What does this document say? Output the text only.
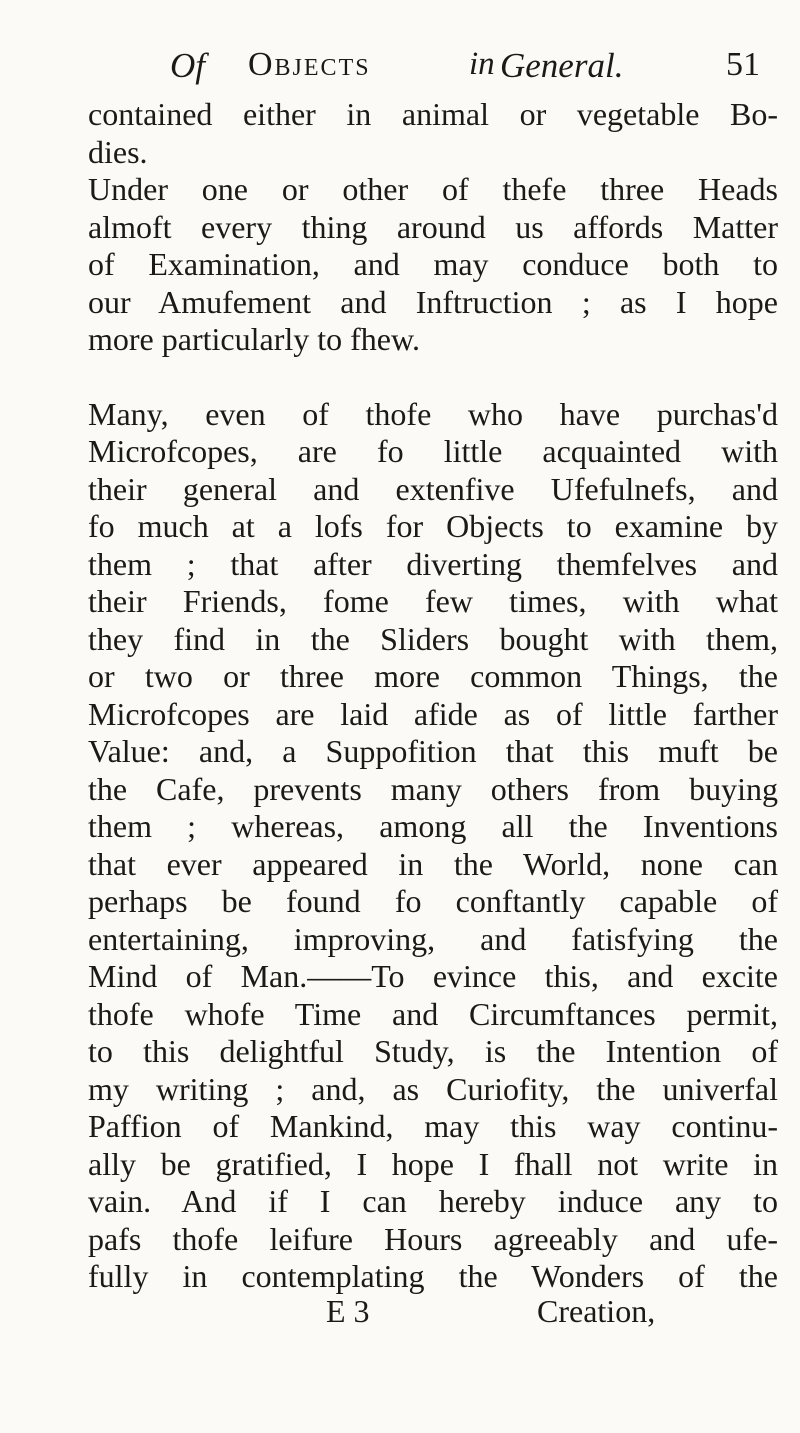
Of Objects	in General.	51
contained either in animal or vegetable Bo-
dies.
Under one or other of thefe three Heads
almoft every thing around us affords Matter
of Examination, and may conduce both to
our Amufement and Inftruction ; as I hope
more particularly to fhew.
Many, even of thofe who have purchas'd
Microfcopes, are fo little acquainted with
their general and extenfive Ufefulnefs, and
fo much at a lofs for Objects to examine by
them ; that after diverting themfelves and
their Friends, fome few times, with what
they find in the Sliders bought with them,
or two or three more common Things, the
Microfcopes are laid afide as of little farther
Value: and, a Suppofition that this muft be
the Cafe, prevents many others from buying
them ; whereas, among all the Inventions
that ever appeared in the World, none can
perhaps be found fo conftantly capable of
entertaining, improving, and fatisfying the
Mind of Man.——To evince this, and excite
thofe whofe Time and Circumftances permit,
to this delightful Study, is the Intention of
my writing ; and, as Curiofity, the univerfal
Paffion of Mankind, may this way continu-
ally be gratified, I hope I fhall not write in
vain. And if I can hereby induce any to
pafs thofe leifure Hours agreeably and ufe-
fully in contemplating the Wonders of the
E 3	Creation,
